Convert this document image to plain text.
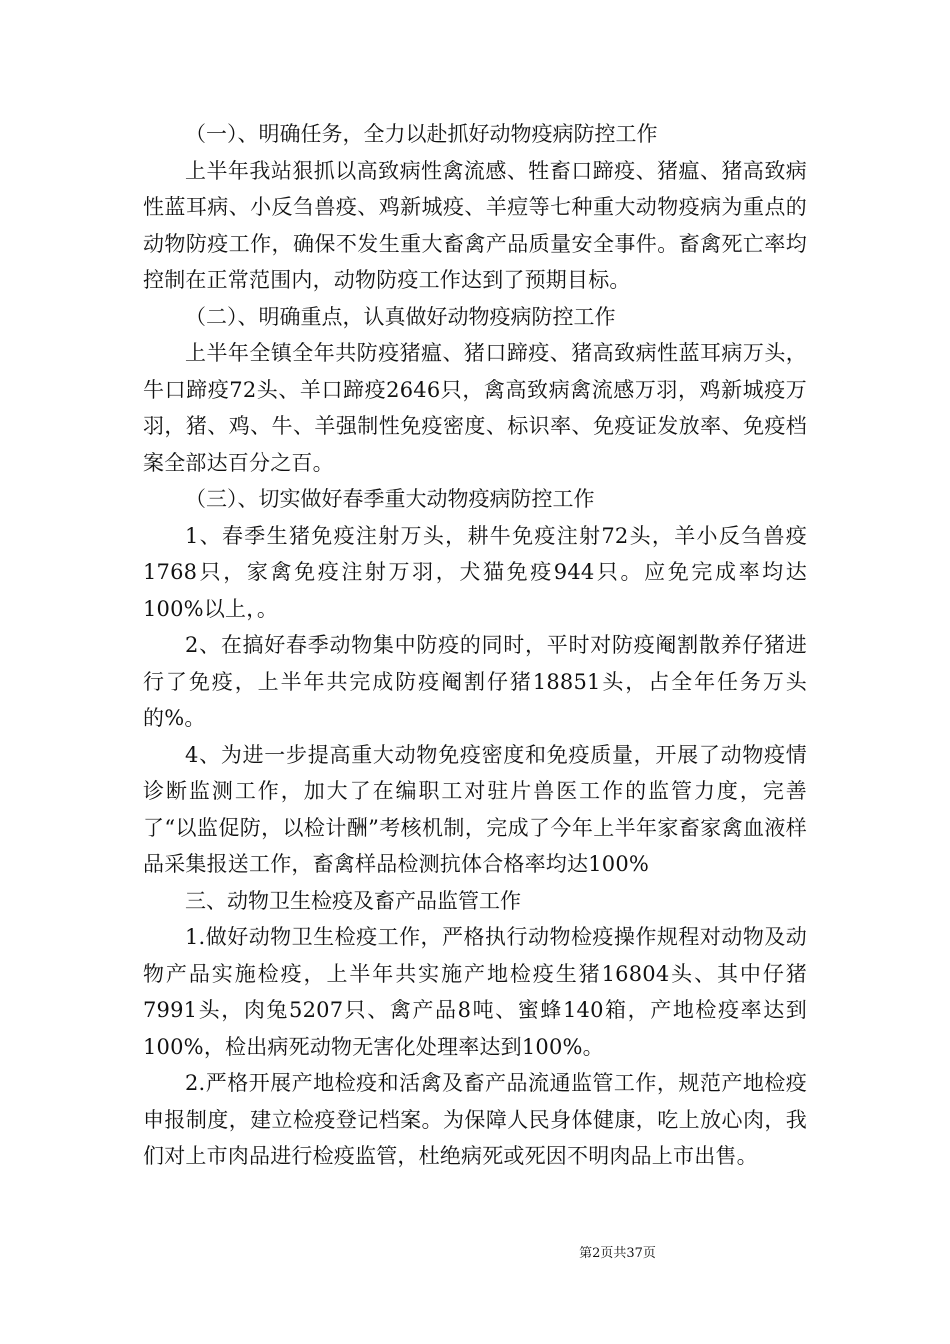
（一）、明确任务，全力以赴抓好动物疫病防控工作

上半年我站狠抓以高致病性禽流感、牲畜口蹄疫、猪瘟、猪高致病性蓝耳病、小反刍兽疫、鸡新城疫、羊痘等七种重大动物疫病为重点的动物防疫工作，确保不发生重大畜禽产品质量安全事件。畜禽死亡率均控制在正常范围内，动物防疫工作达到了预期目标。

（二）、明确重点，认真做好动物疫病防控工作

上半年全镇全年共防疫猪瘟、猪口蹄疫、猪高致病性蓝耳病万头，牛口蹄疫72头、羊口蹄疫2646只，禽高致病禽流感万羽，鸡新城疫万羽，猪、鸡、牛、羊强制性免疫密度、标识率、免疫证发放率、免疫档案全部达百分之百。

（三）、切实做好春季重大动物疫病防控工作

1、春季生猪免疫注射万头，耕牛免疫注射72头，羊小反刍兽疫1768只，家禽免疫注射万羽，犬猫免疫944只。应免完成率均达100%以上，。

2、在搞好春季动物集中防疫的同时，平时对防疫阉割散养仔猪进行了免疫，上半年共完成防疫阉割仔猪18851头，占全年任务万头的%。

4、为进一步提高重大动物免疫密度和免疫质量，开展了动物疫情诊断监测工作，加大了在编职工对驻片兽医工作的监管力度，完善了“以监促防，以检计酬”考核机制，完成了今年上半年家畜家禽血液样品采集报送工作，畜禽样品检测抗体合格率均达100%

三、动物卫生检疫及畜产品监管工作

1.做好动物卫生检疫工作，严格执行动物检疫操作规程对动物及动物产品实施检疫，上半年共实施产地检疫生猪16804头、其中仔猪7991头，肉兔5207只、禽产品8吨、蜜蜂140箱，产地检疫率达到100%，检出病死动物无害化处理率达到100%。

2.严格开展产地检疫和活禽及畜产品流通监管工作，规范产地检疫申报制度，建立检疫登记档案。为保障人民身体健康，吃上放心肉，我们对上市肉品进行检疫监管，杜绝病死或死因不明肉品上市出售。

第2页共37页
